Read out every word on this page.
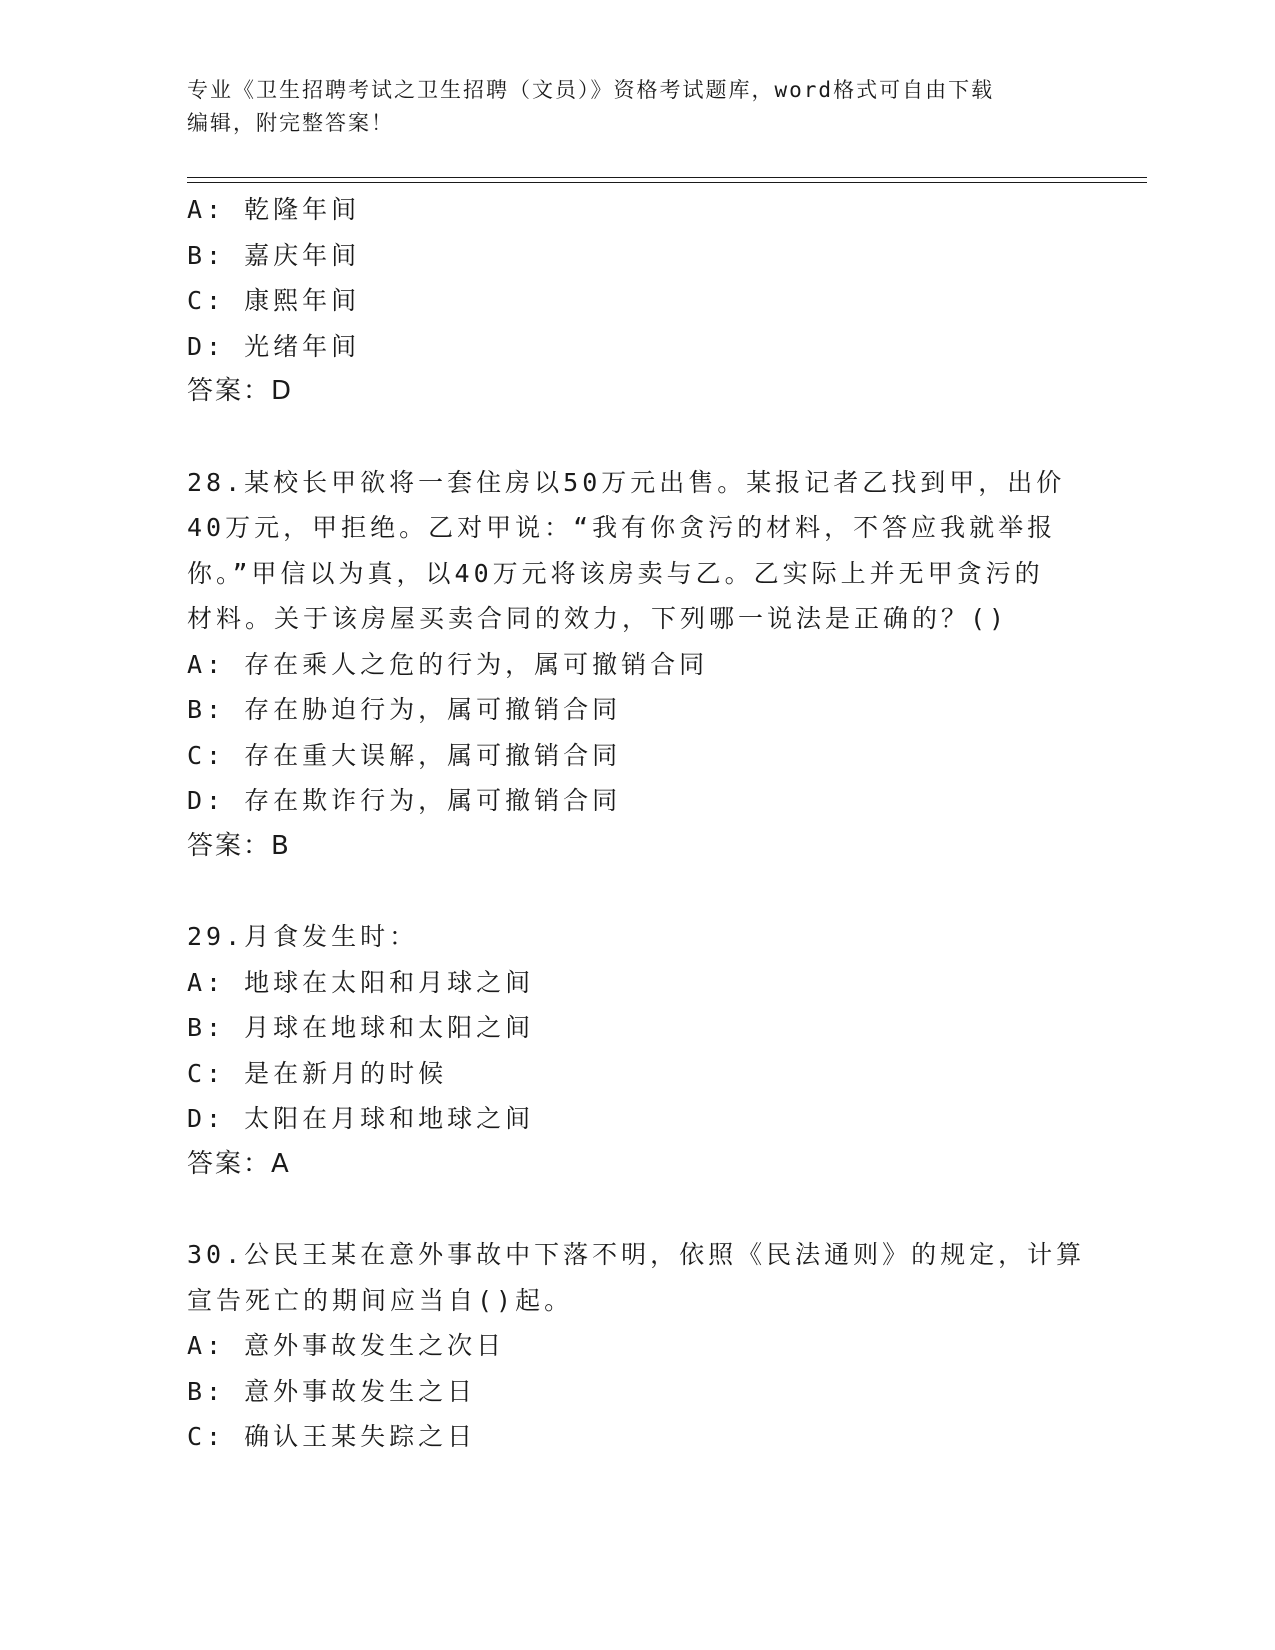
专业《卫生招聘考试之卫生招聘（文员）》资格考试题库，word格式可自由下载
编辑，附完整答案！
A: 乾隆年间
B: 嘉庆年间
C: 康熙年间
D: 光绪年间
答案：D
28.某校长甲欲将一套住房以50万元出售。某报记者乙找到甲，出价
40万元，甲拒绝。乙对甲说：“我有你贪污的材料，不答应我就举报
你。”甲信以为真，以40万元将该房卖与乙。乙实际上并无甲贪污的
材料。关于该房屋买卖合同的效力，下列哪一说法是正确的？()
A: 存在乘人之危的行为，属可撤销合同
B: 存在胁迫行为，属可撤销合同
C: 存在重大误解，属可撤销合同
D: 存在欺诈行为，属可撤销合同
答案：B
29.月食发生时：
A: 地球在太阳和月球之间
B: 月球在地球和太阳之间
C: 是在新月的时候
D: 太阳在月球和地球之间
答案：A
30.公民王某在意外事故中下落不明，依照《民法通则》的规定，计算
宣告死亡的期间应当自()起。
A: 意外事故发生之次日
B: 意外事故发生之日
C: 确认王某失踪之日
